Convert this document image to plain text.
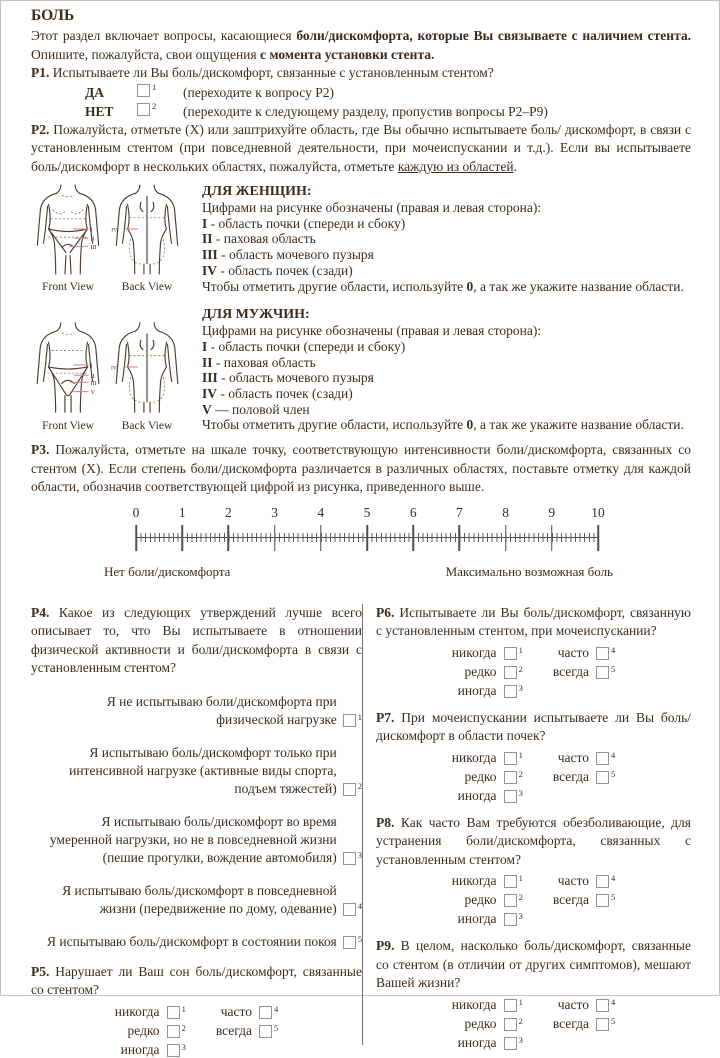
БОЛЬ

Этот раздел включает вопросы, касающиеся боли/дискомфорта, которые Вы связываете с наличием стента. Опишите, пожалуйста, свои ощущения с момента установки стента.

Р1. Испытываете ли Вы боль/дискомфорт, связанные с установленным стентом?

ДА	$^1$ (переходите к вопросу Р2)
НЕТ	$^2$ (переходите к следующему разделу, пропустив вопросы Р2–Р9)

Р2. Пожалуйста, отметьте (Х) или заштрихуйте область, где Вы обычно испытываете боль/ дискомфорт, в связи с установленным стентом (при повседневной деятельности, при мочеиспускании и т.д.). Если вы испытываете боль/дискомфорт в нескольких областях, пожалуйста, отметьте каждую из областей.

I
II
III
Front View
IV
Back View
ДЛЯ ЖЕНЩИН:
Цифрами на рисунке обозначены (правая и левая сторона):
I - область почки (спереди и сбоку)
II - паховая область
III - область мочевого пузыря
IV - область почек (сзади)
Чтобы отметить другие области, используйте 0, а так же укажите название области.
I
II
III
V
Front View
IV
Back View
ДЛЯ МУЖЧИН:
Цифрами на рисунке обозначены (правая и левая сторона):
I - область почки (спереди и сбоку)
II - паховая область
III - область мочевого пузыря
IV - область почек (сзади)
V — половой член
Чтобы отметить другие области, используйте 0, а так же укажите название области.

Р3. Пожалуйста, отметьте на шкале точку, соответствующую интенсивности боли/дискомфорта, связанных со стентом (Х). Если степень боли/дискомфорта различается в различных областях, поставьте отметку для каждой области, обозначив соответствующей цифрой из рисунка, приведенного выше.

0	1	2	3	4	5	6	7	8	9	10
Нет боли/дискомфорта	Максимально возможная боль

Р4. Какое из следующих утверждений лучше всего описывает то, что Вы испытываете в отношении физической активности и боли/дискомфорта в связи с установленным стентом?

Я не испытываю боли/дискомфорта при физической нагрузке $^1$
Я испытываю боль/дискомфорт только при интенсивной нагрузке (активные виды спорта, подъем тяжестей) $^2$
Я испытываю боль/дискомфорт во время умеренной нагрузки, но не в повседневной жизни (пешие прогулки, вождение автомобиля) $^3$
Я испытываю боль/дискомфорт в повседневной жизни (передвижение по дому, одевание) $^4$
Я испытываю боль/дискомфорт в состоянии покоя $^5$

Р5. Нарушает ли Ваш сон боль/дискомфорт, связанные со стентом?

никогда	$^1$
редко	$^2$
иногда	$^3$
часто	$^4$
всегда	$^5$

Р6. Испытываете ли Вы боль/дискомфорт, связанную с установленным стентом, при мочеиспускании?

никогда	$^1$
редко	$^2$
иногда	$^3$
часто	$^4$
всегда	$^5$

Р7. При мочеиспускании испытываете ли Вы боль/дискомфорт в области почек?

никогда	$^1$
редко	$^2$
иногда	$^3$
часто	$^4$
всегда	$^5$

Р8. Как часто Вам требуются обезболивающие, для устранения боли/дискомфорта, связанных с установленным стентом?

никогда	$^1$
редко	$^2$
иногда	$^3$
часто	$^4$
всегда	$^5$

Р9. В целом, насколько боль/дискомфорт, связанные со стентом (в отличии от других симптомов), мешают Вашей жизни?

никогда	$^1$
редко	$^2$
иногда	$^3$
часто	$^4$
всегда	$^5$
